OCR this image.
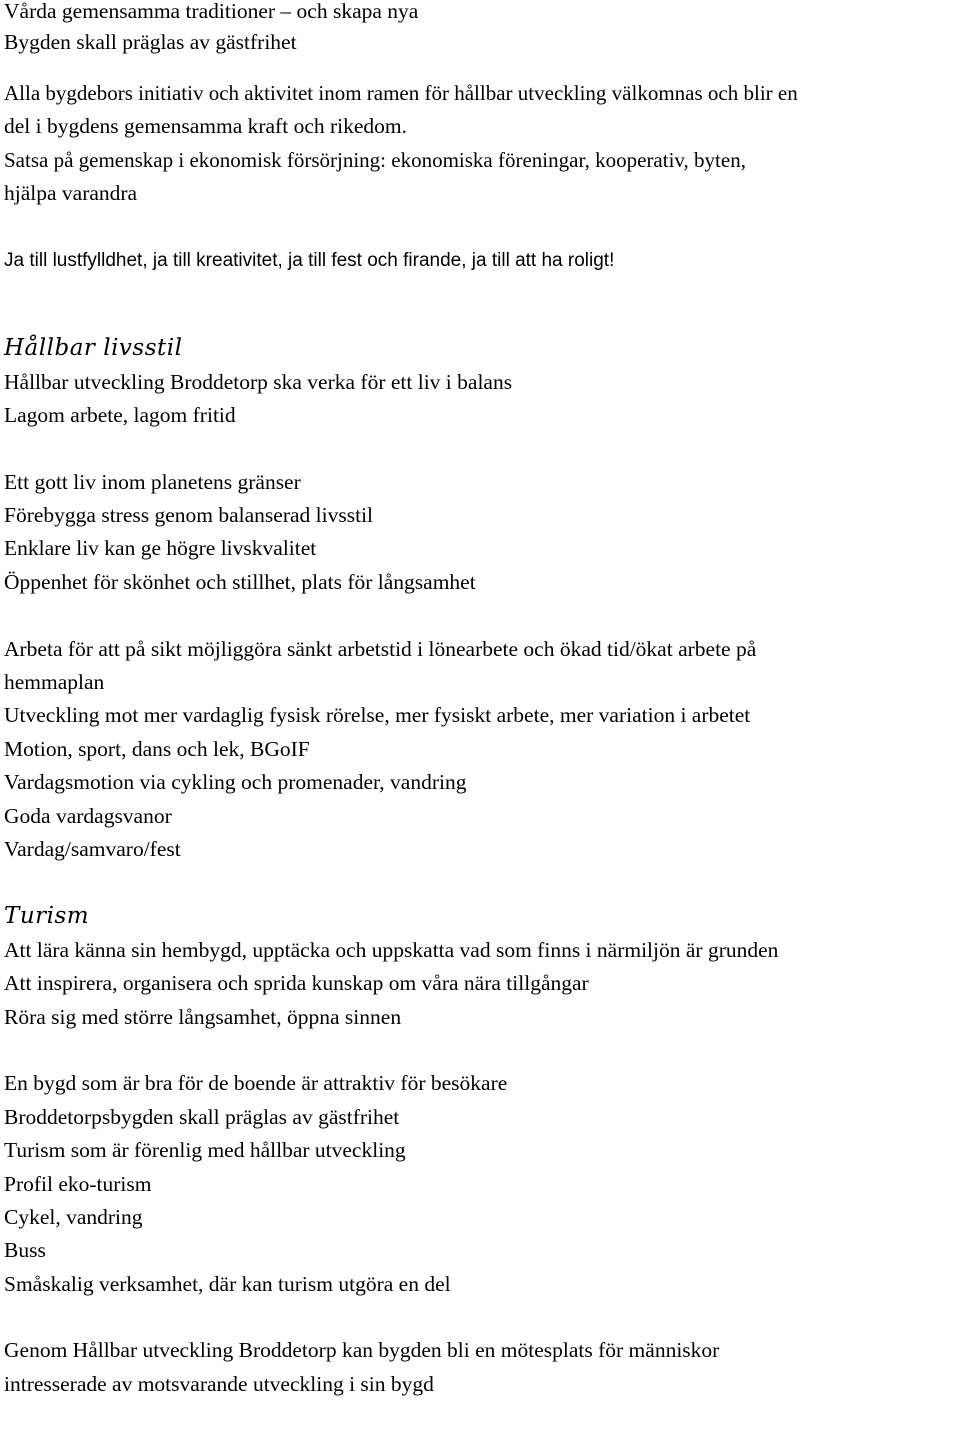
Vårda gemensamma traditioner – och skapa nya
Bygden skall präglas av gästfrihet
Alla bygdebors initiativ och aktivitet inom ramen för hållbar utveckling välkomnas och blir en
del i bygdens gemensamma kraft och rikedom.
Satsa på gemenskap i ekonomisk försörjning: ekonomiska föreningar, kooperativ, byten,
hjälpa varandra
Ja till lustfylldhet, ja till kreativitet, ja till fest och firande, ja till att ha roligt!
Hållbar livsstil
Hållbar utveckling Broddetorp ska verka för ett liv i balans
Lagom arbete, lagom fritid
Ett gott liv inom planetens gränser
Förebygga stress genom balanserad livsstil
Enklare liv kan ge högre livskvalitet
Öppenhet för skönhet och stillhet, plats för långsamhet
Arbeta för att på sikt möjliggöra sänkt arbetstid i lönearbete och ökad tid/ökat arbete på
hemmaplan
Utveckling mot mer vardaglig fysisk rörelse, mer fysiskt arbete, mer variation i arbetet
Motion, sport, dans och lek, BGoIF
Vardagsmotion via cykling och promenader, vandring
Goda vardagsvanor
Vardag/samvaro/fest
Turism
Att lära känna sin hembygd, upptäcka och uppskatta vad som finns i närmiljön är grunden
Att inspirera, organisera och sprida kunskap om våra nära tillgångar
Röra sig med större långsamhet, öppna sinnen
En bygd som är bra för de boende är attraktiv för besökare
Broddetorpsbygden skall präglas av gästfrihet
Turism som är förenlig med hållbar utveckling
Profil eko-turism
Cykel, vandring
Buss
Småskalig verksamhet, där kan turism utgöra en del
Genom Hållbar utveckling Broddetorp kan bygden bli en mötesplats för människor
intresserade av motsvarande utveckling i sin bygd
